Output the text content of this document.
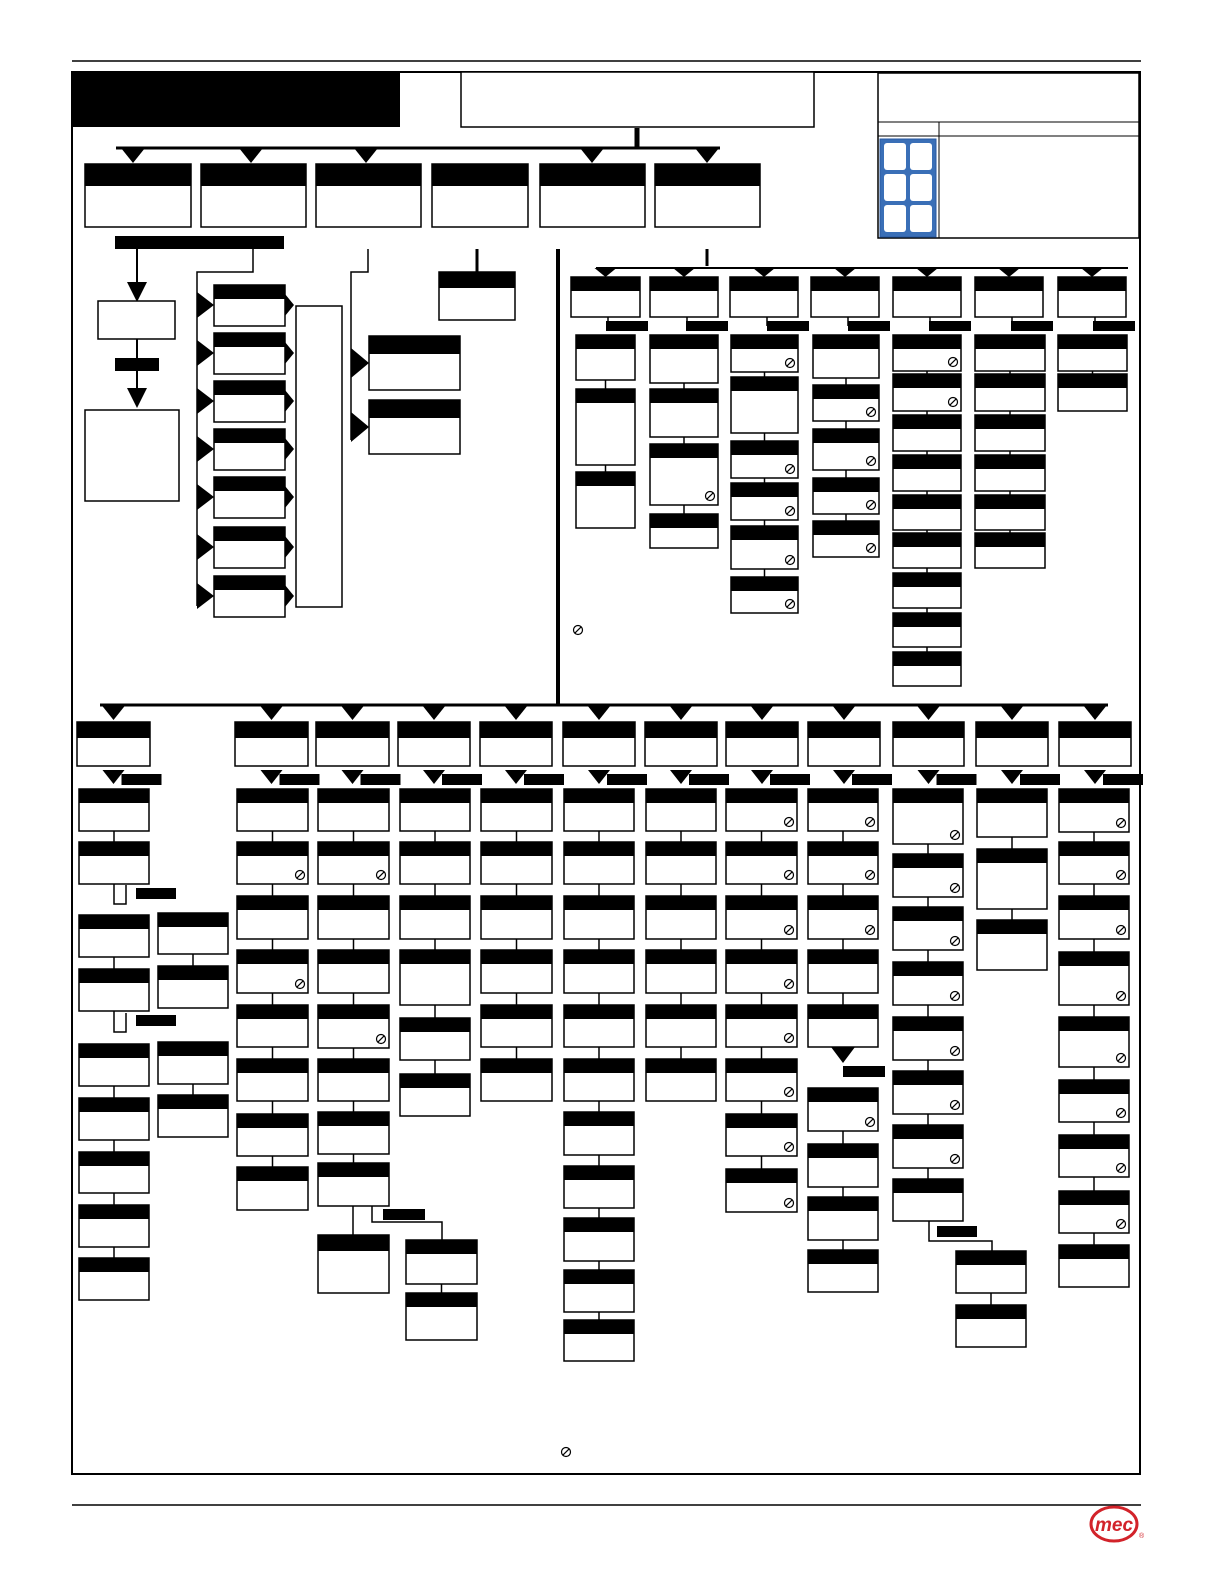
mec
®
